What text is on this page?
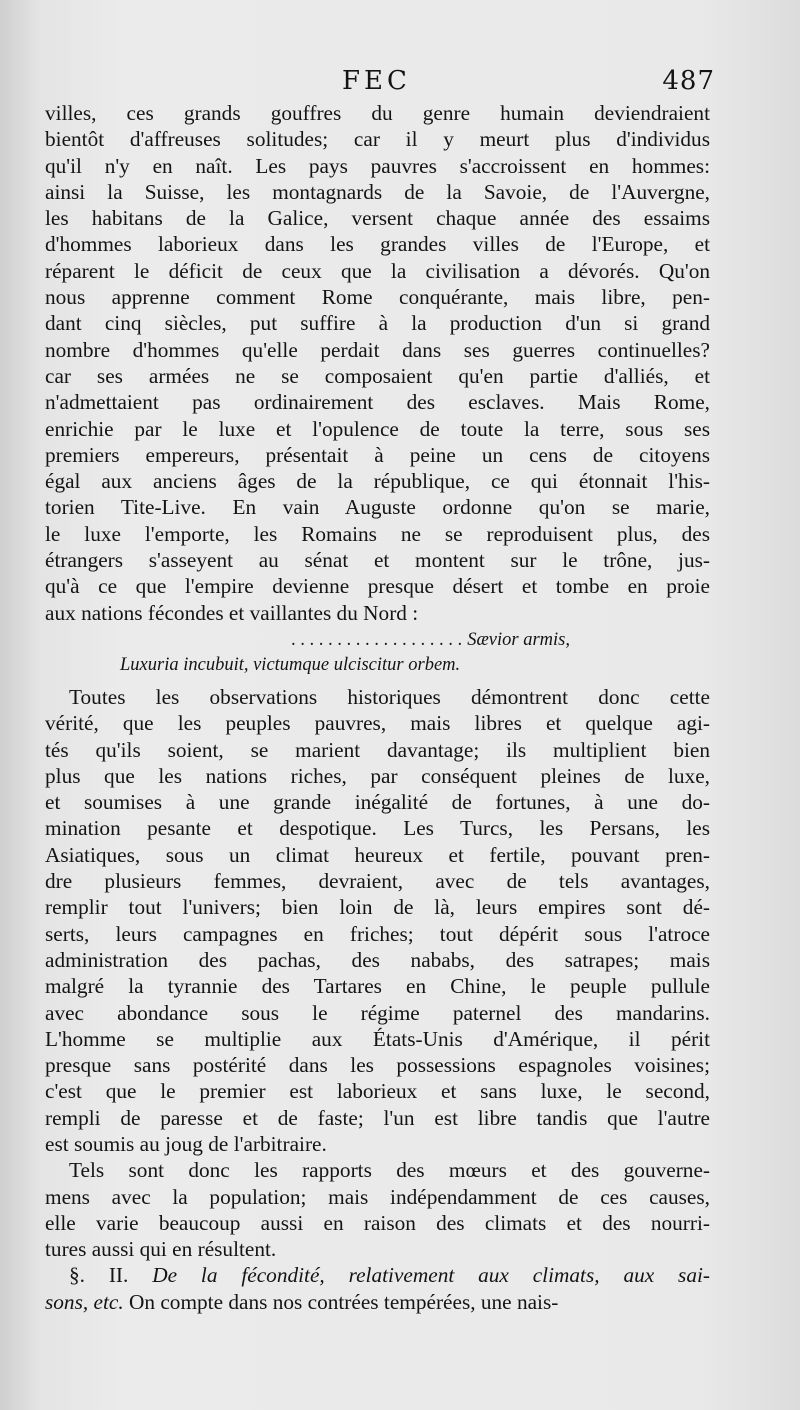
FEC	487
villes, ces grands gouffres du genre humain deviendraient
bientôt d'affreuses solitudes; car il y meurt plus d'individus
qu'il n'y en naît. Les pays pauvres s'accroissent en hommes:
ainsi la Suisse, les montagnards de la Savoie, de l'Auvergne,
les habitans de la Galice, versent chaque année des essaims
d'hommes laborieux dans les grandes villes de l'Europe, et
réparent le déficit de ceux que la civilisation a dévorés. Qu'on
nous apprenne comment Rome conquérante, mais libre, pen-
dant cinq siècles, put suffire à la production d'un si grand
nombre d'hommes qu'elle perdait dans ses guerres continuelles?
car ses armées ne se composaient qu'en partie d'alliés, et
n'admettaient pas ordinairement des esclaves. Mais Rome,
enrichie par le luxe et l'opulence de toute la terre, sous ses
premiers empereurs, présentait à peine un cens de citoyens
égal aux anciens âges de la république, ce qui étonnait l'his-
torien Tite-Live. En vain Auguste ordonne qu'on se marie,
le luxe l'emporte, les Romains ne se reproduisent plus, des
étrangers s'asseyent au sénat et montent sur le trône, jus-
qu'à ce que l'empire devienne presque désert et tombe en proie
aux nations fécondes et vaillantes du Nord :
. . . . . . . . . . . . . . . . . . . Sævior armis,
Luxuria incubuit, victumque ulciscitur orbem.
Toutes les observations historiques démontrent donc cette
vérité, que les peuples pauvres, mais libres et quelque agi-
tés qu'ils soient, se marient davantage; ils multiplient bien
plus que les nations riches, par conséquent pleines de luxe,
et soumises à une grande inégalité de fortunes, à une do-
mination pesante et despotique. Les Turcs, les Persans, les
Asiatiques, sous un climat heureux et fertile, pouvant pren-
dre plusieurs femmes, devraient, avec de tels avantages,
remplir tout l'univers; bien loin de là, leurs empires sont dé-
serts, leurs campagnes en friches; tout dépérit sous l'atroce
administration des pachas, des nababs, des satrapes; mais
malgré la tyrannie des Tartares en Chine, le peuple pullule
avec abondance sous le régime paternel des mandarins.
L'homme se multiplie aux États-Unis d'Amérique, il périt
presque sans postérité dans les possessions espagnoles voisines;
c'est que le premier est laborieux et sans luxe, le second,
rempli de paresse et de faste; l'un est libre tandis que l'autre
est soumis au joug de l'arbitraire.
Tels sont donc les rapports des mœurs et des gouverne-
mens avec la population; mais indépendamment de ces causes,
elle varie beaucoup aussi en raison des climats et des nourri-
tures aussi qui en résultent.
§. II. De la fécondité, relativement aux climats, aux sai-
sons, etc. On compte dans nos contrées tempérées, une nais-
